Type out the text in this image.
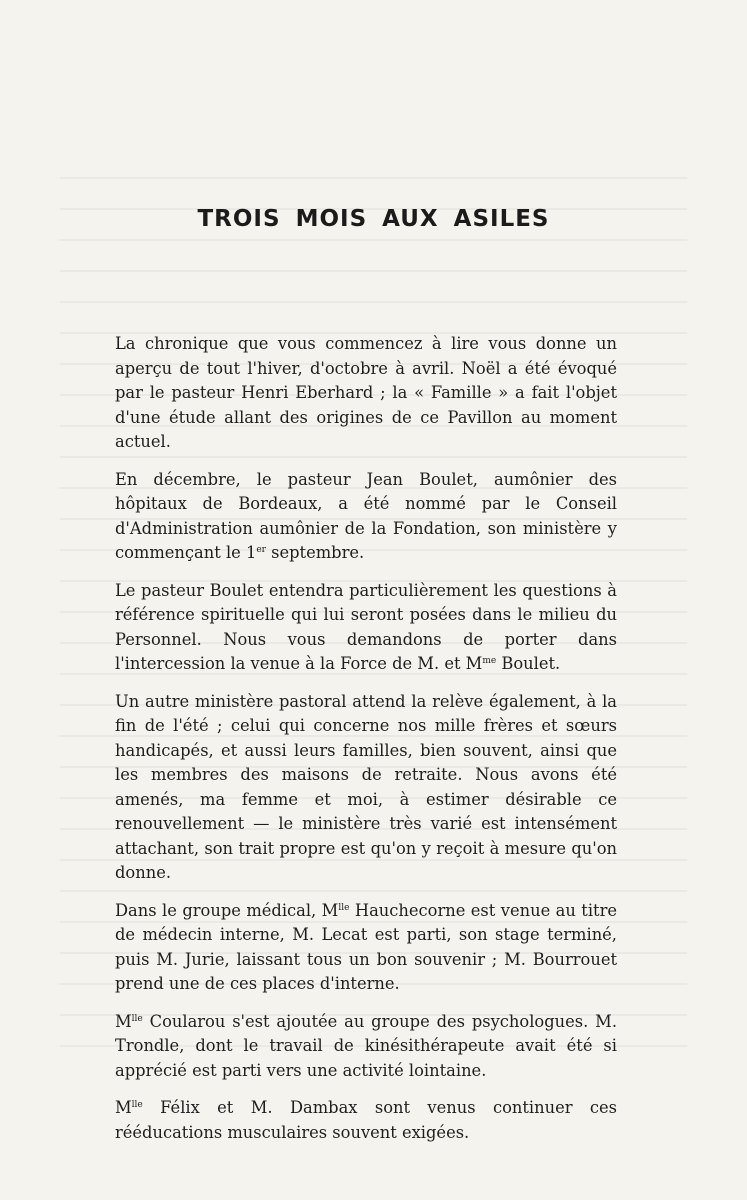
TROIS MOIS AUX ASILES

La chronique que vous commencez à lire vous donne un aperçu de tout l'hiver, d'octobre à avril. Noël a été évoqué par le pasteur Henri Eberhard ; la « Famille » a fait l'objet d'une étude allant des origines de ce Pavillon au moment actuel.

En décembre, le pasteur Jean Boulet, aumônier des hôpitaux de Bordeaux, a été nommé par le Conseil d'Administration aumônier de la Fondation, son ministère y commençant le 1er septembre.

Le pasteur Boulet entendra particulièrement les questions à référence spirituelle qui lui seront posées dans le milieu du Personnel. Nous vous demandons de porter dans l'intercession la venue à la Force de M. et $M^{me}$ Boulet.

Un autre ministère pastoral attend la relève également, à la fin de l'été ; celui qui concerne nos mille frères et sœurs handicapés, et aussi leurs familles, bien souvent, ainsi que les membres des maisons de retraite. Nous avons été amenés, ma femme et moi, à estimer désirable ce renouvellement — le ministère très varié est intensément attachant, son trait propre est qu'on y reçoit à mesure qu'on donne.

Dans le groupe médical, $M^{lle}$ Hauchecorne est venue au titre de médecin interne, M. Lecat est parti, son stage terminé, puis M. Jurie, laissant tous un bon souvenir ; M. Bourrouet prend une de ces places d'interne.

$M^{lle}$ Coularou s'est ajoutée au groupe des psychologues. M. Trondle, dont le travail de kinésithérapeute avait été si apprécié est parti vers une activité lointaine.

$M^{lle}$ Félix et M. Dambax sont venus continuer ces rééducations musculaires souvent exigées.
